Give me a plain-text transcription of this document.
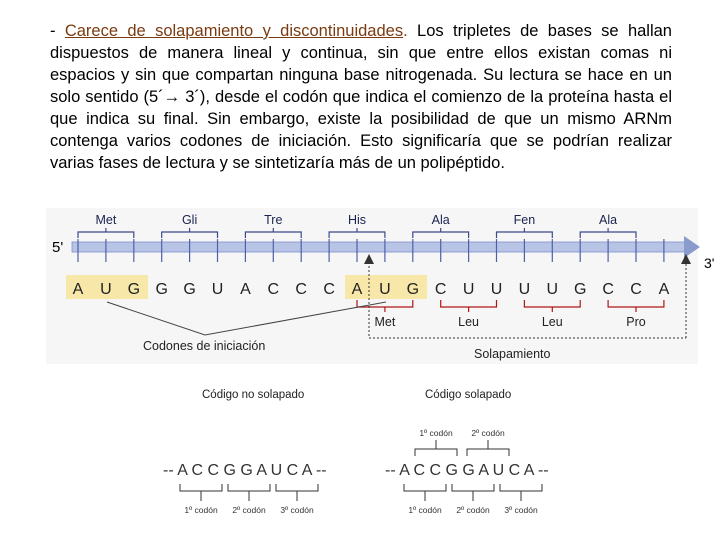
- Carece de solapamiento y discontinuidades. Los tripletes de bases se hallan dispuestos de manera lineal y continua, sin que entre ellos existan comas ni espacios y sin que compartan ninguna base nitrogenada. Su lectura se hace en un solo sentido (5´→ 3´), desde el codón que indica el comienzo de la proteína hasta el que indica su final. Sin embargo, existe la posibilidad de que un mismo ARNm contenga varios codones de iniciación. Esto significaría que se podrían realizar varias fases de lectura y se sintetizaría más de un polipéptido.

5'
3'
A U G G G U A C C C A U G C U U U U G C C A
Met	Gli	Tre	His	Ala	Fen	Ala
Met	Leu	Leu	Pro
Solapamiento
Codones de iniciación
Código no solapado
-- A C C G G A U C A --
1º codón 2º codón 3º codón
Código solapado
1º codón 2º codón
-- A C C G G A U C A --
1º codón 2º codón 3º codón
